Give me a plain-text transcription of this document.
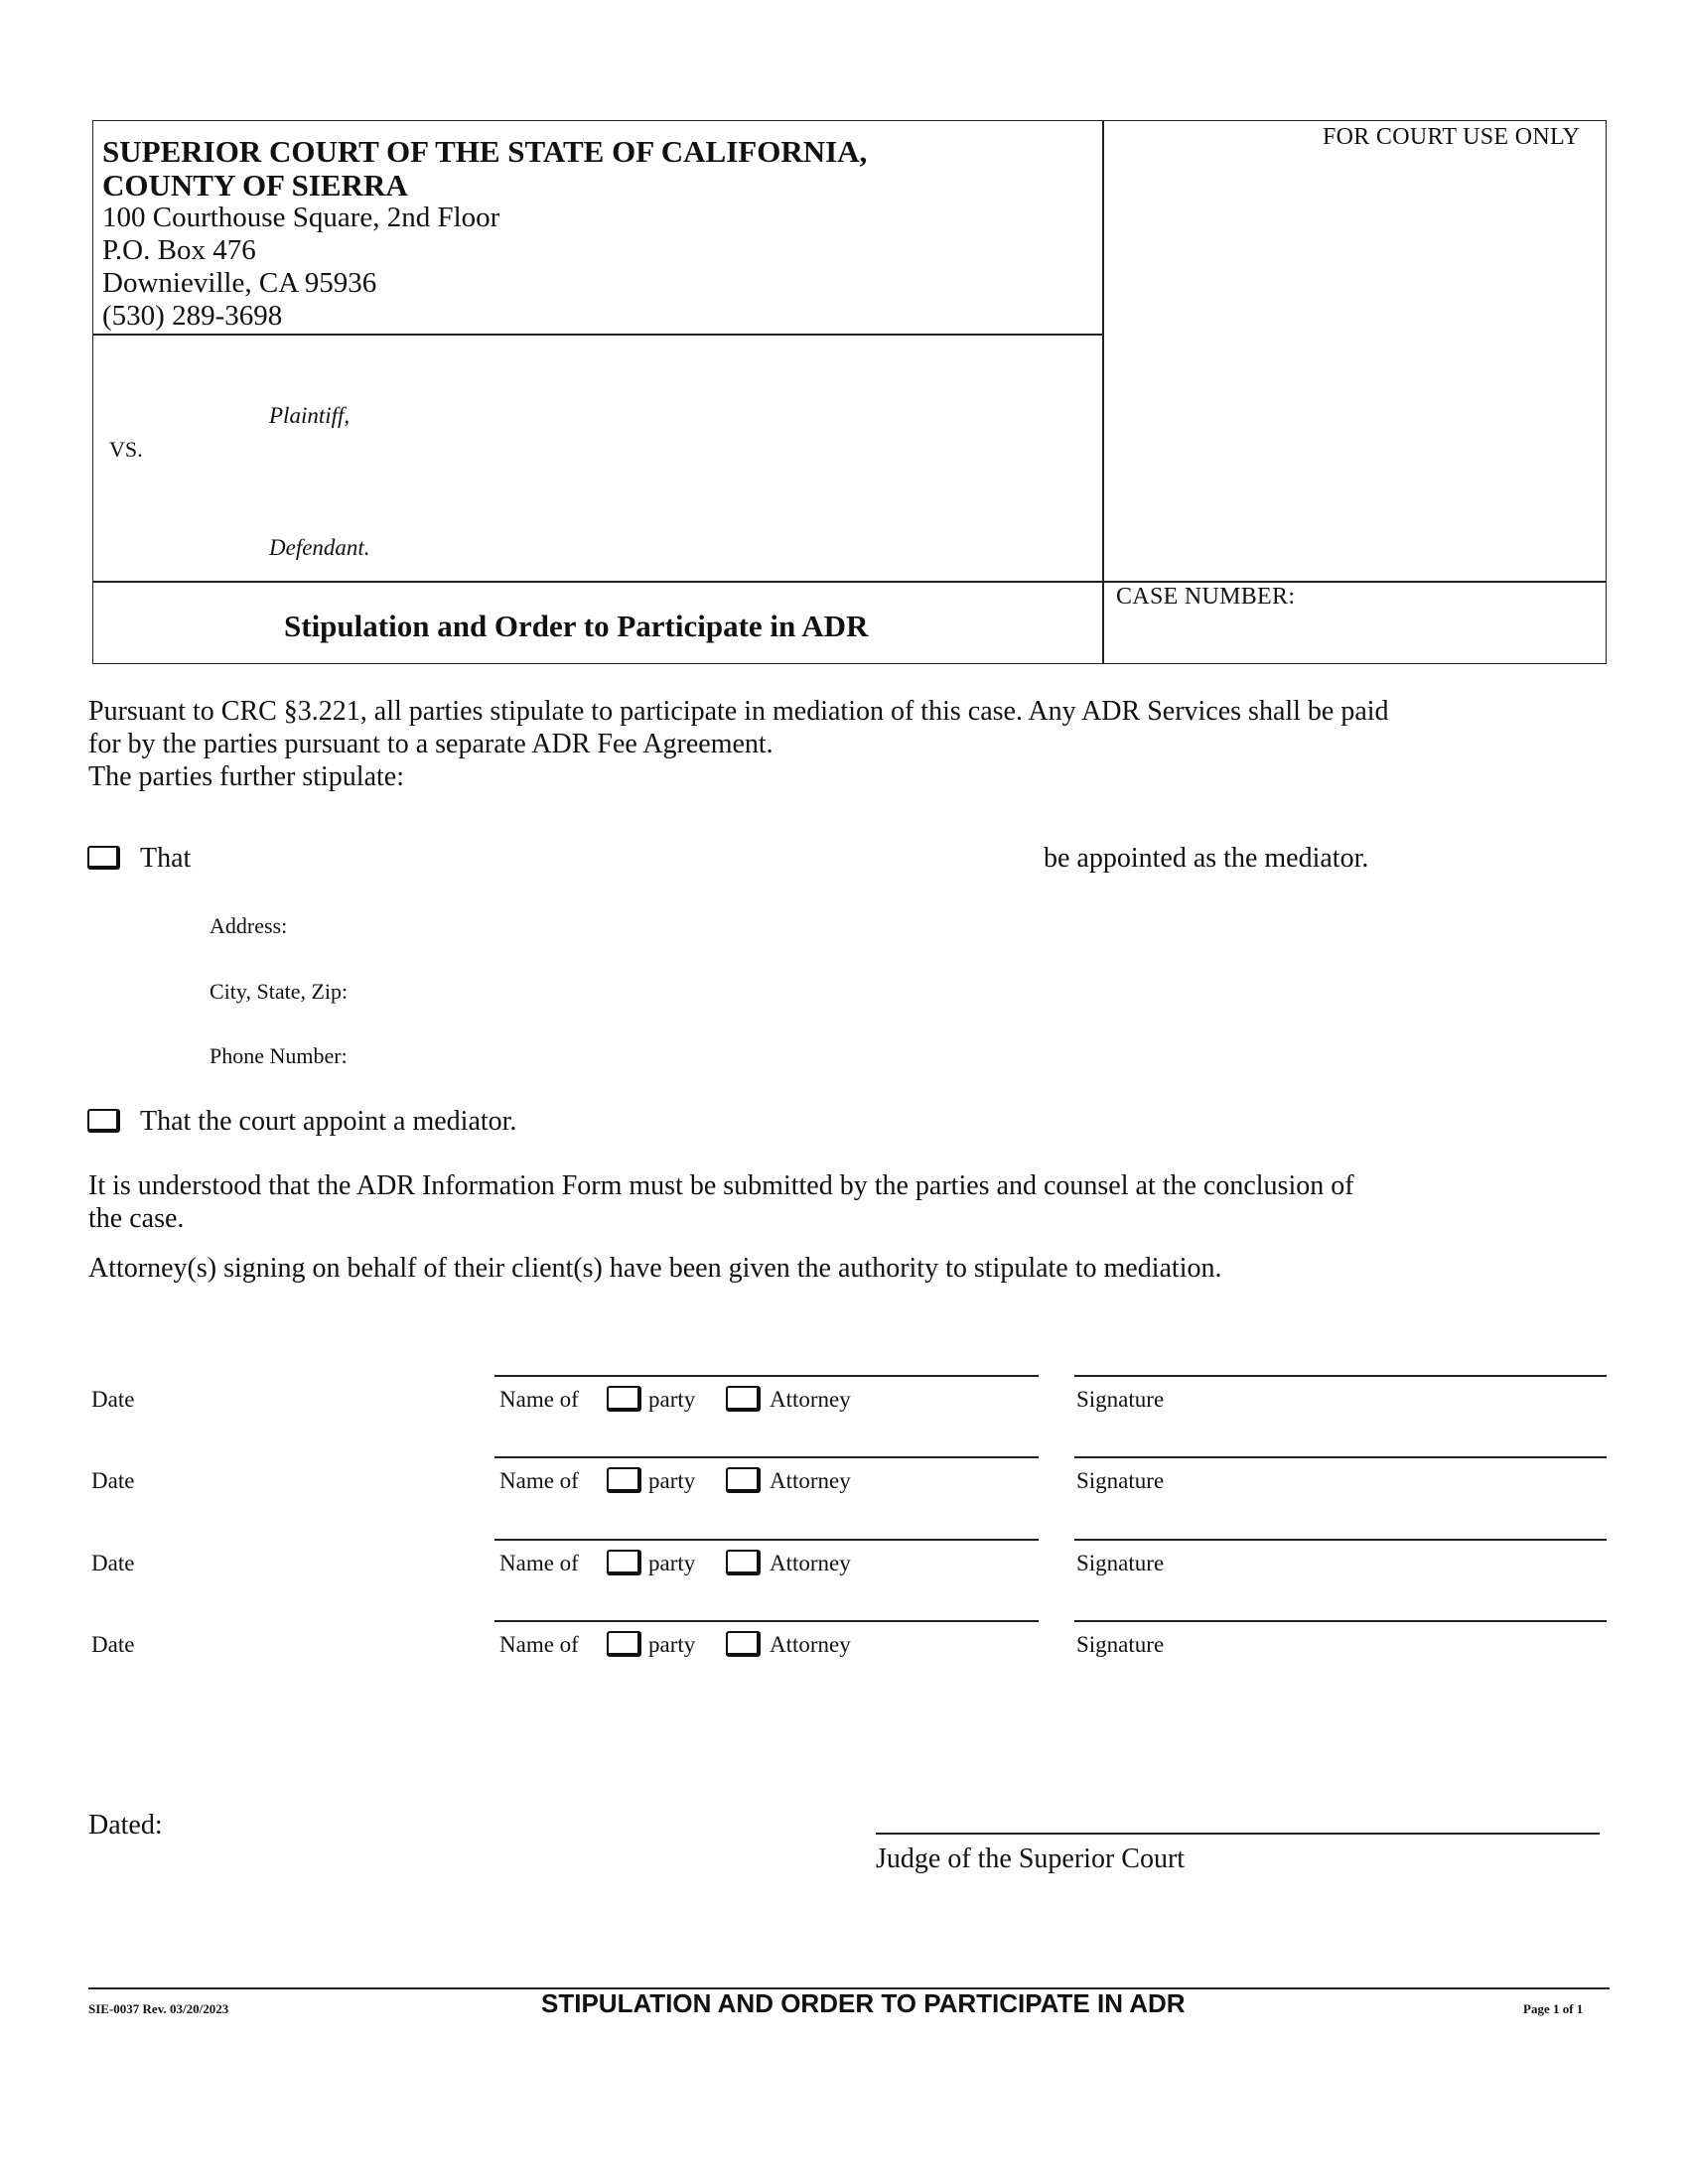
SUPERIOR COURT OF THE STATE OF CALIFORNIA,
COUNTY OF SIERRA
100 Courthouse Square, 2nd Floor
P.O. Box 476
Downieville, CA 95936
(530) 289-3698
FOR COURT USE ONLY
Plaintiff,
VS.
Defendant.
Stipulation and Order to Participate in ADR
CASE NUMBER:
Pursuant to CRC §3.221, all parties stipulate to participate in mediation of this case. Any ADR Services shall be paid
for by the parties pursuant to a separate ADR Fee Agreement.
The parties further stipulate:
That	be appointed as the mediator.
Address:
City, State, Zip:
Phone Number:
That the court appoint a mediator.
It is understood that the ADR Information Form must be submitted by the parties and counsel at the conclusion of
the case.
Attorney(s) signing on behalf of their client(s) have been given the authority to stipulate to mediation.
Date	Name of	party	Attorney	Signature
Date	Name of	party	Attorney	Signature
Date	Name of	party	Attorney	Signature
Date	Name of	party	Attorney	Signature
Dated:
Judge of the Superior Court
SIE-0037 Rev. 03/20/2023	STIPULATION AND ORDER TO PARTICIPATE IN ADR	Page 1 of 1
